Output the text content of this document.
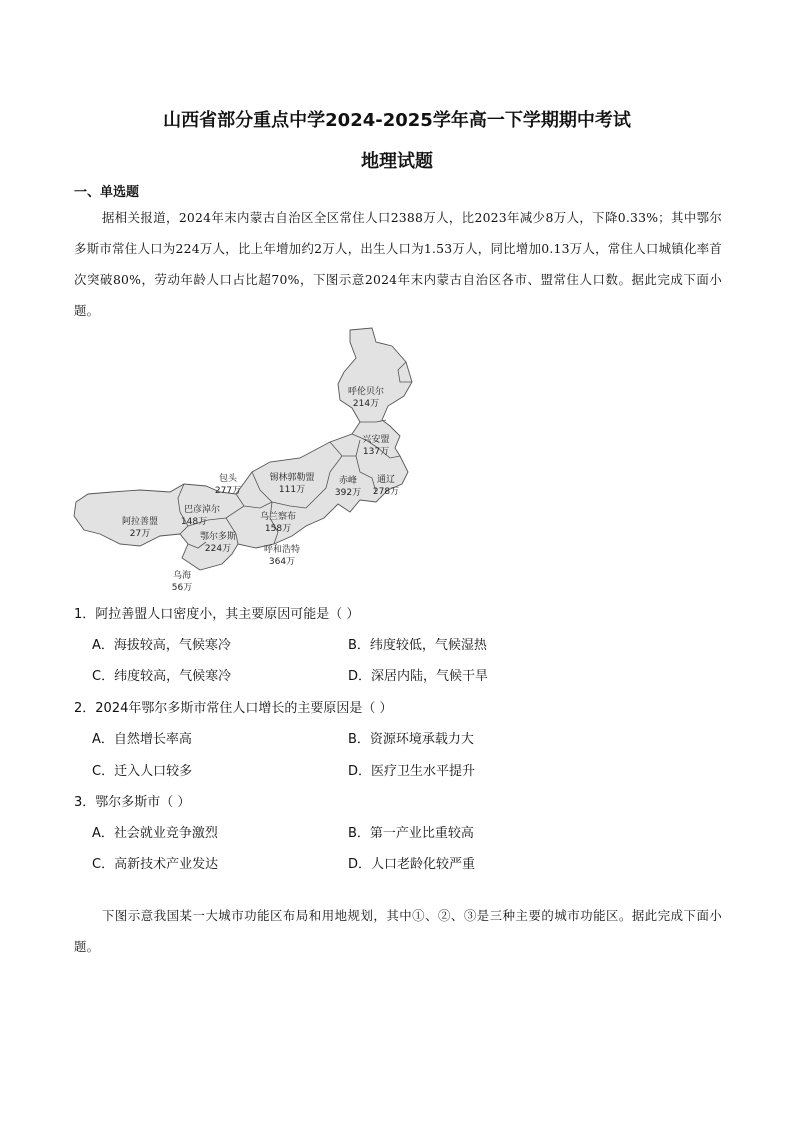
山西省部分重点中学2024-2025学年高一下学期期中考试
地理试题
一、单选题
据相关报道，2024年末内蒙古自治区全区常住人口2388万人，比2023年减少8万人，下降0.33%；其中鄂尔多斯市常住人口为224万人，比上年增加约2万人，出生人口为1.53万人，同比增加0.13万人，常住人口城镇化率首次突破80%，劳动年龄人口占比超70%，下图示意2024年末内蒙古自治区各市、盟常住人口数。据此完成下面小题。
呼伦贝尔
214万
兴安盟
137万
通辽
278万
赤峰
392万
锡林郭勒盟
111万
包头
277万
乌兰察布
158万
呼和浩特
364万
巴彦淖尔
148万
鄂尔多斯
224万
阿拉善盟
27万
乌海
56万
1．阿拉善盟人口密度小，其主要原因可能是（ ）
A．海拔较高，气候寒冷	B．纬度较低，气候湿热
C．纬度较高，气候寒冷	D．深居内陆，气候干旱
2．2024年鄂尔多斯市常住人口增长的主要原因是（ ）
A．自然增长率高	B．资源环境承载力大
C．迁入人口较多	D．医疗卫生水平提升
3．鄂尔多斯市（ ）
A．社会就业竞争激烈	B．第一产业比重较高
C．高新技术产业发达	D．人口老龄化较严重
下图示意我国某一大城市功能区布局和用地规划，其中①、②、③是三种主要的城市功能区。据此完成下面小题。
